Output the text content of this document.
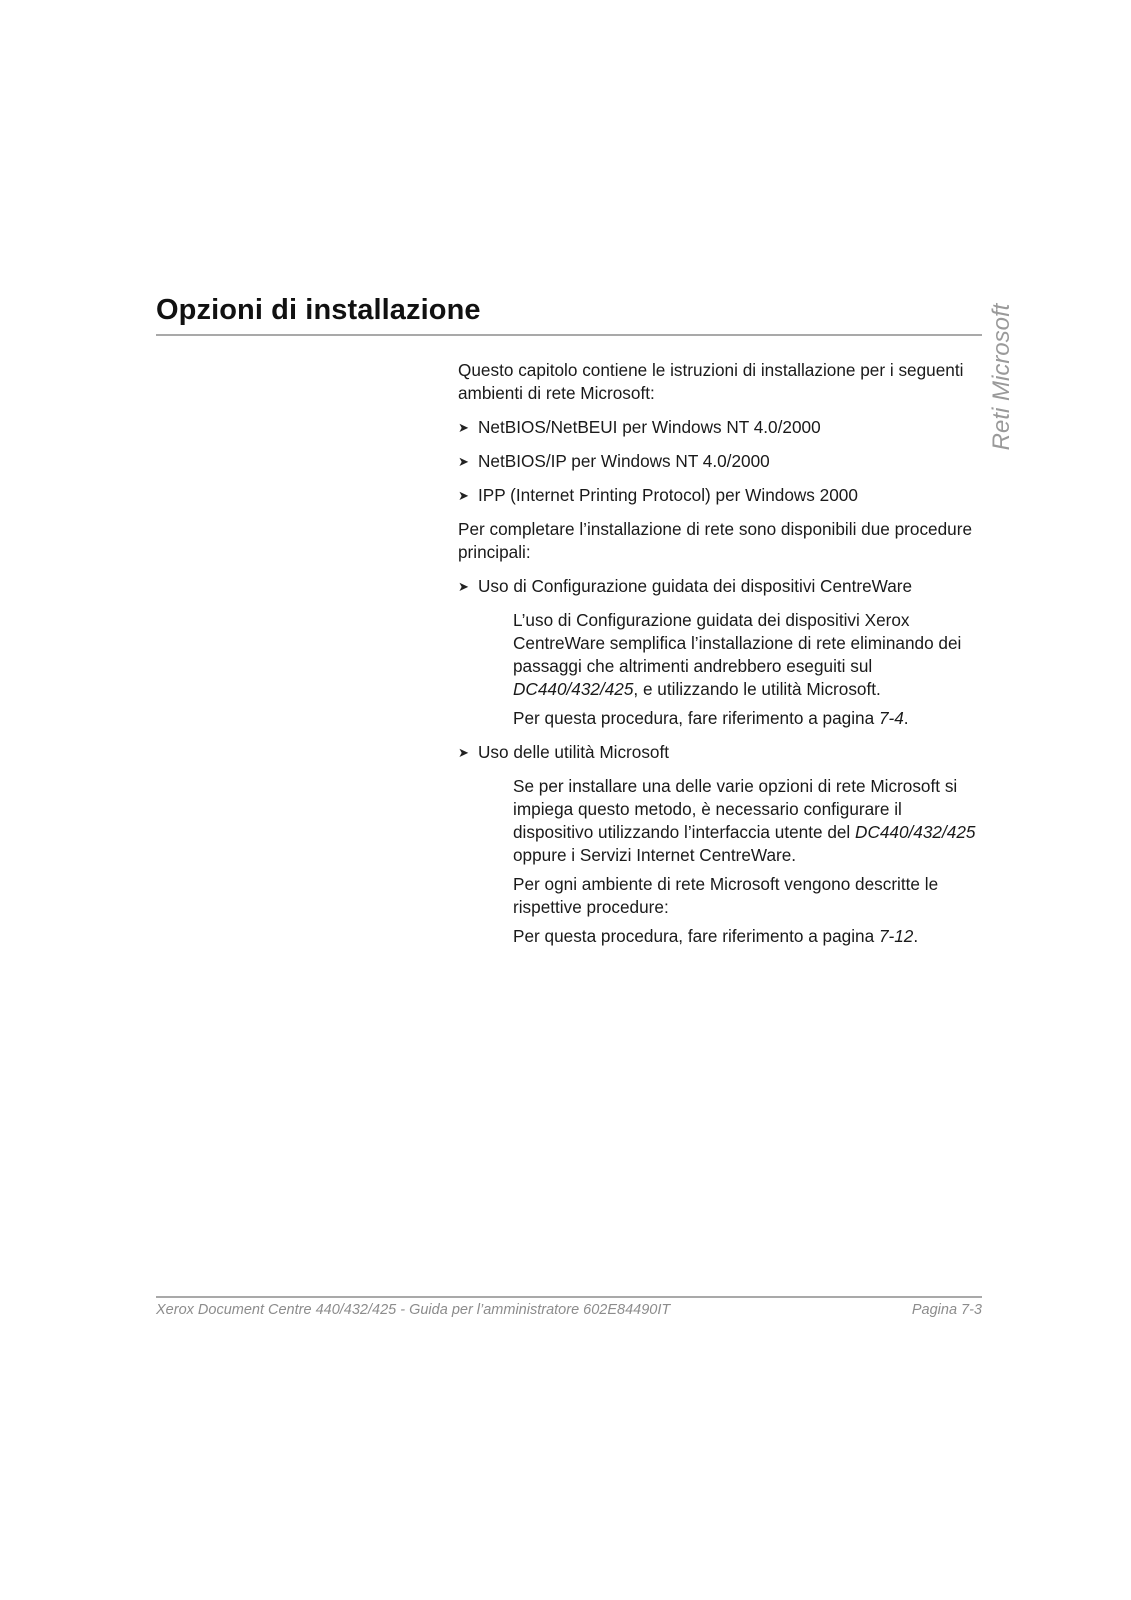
Opzioni di installazione	Reti Microsoft

Questo capitolo contiene le istruzioni di installazione per i seguenti ambienti di rete Microsoft:

➤ NetBIOS/NetBEUI per Windows NT 4.0/2000

➤ NetBIOS/IP per Windows NT 4.0/2000

➤ IPP (Internet Printing Protocol) per Windows 2000

Per completare l’installazione di rete sono disponibili due procedure principali:

➤ Uso di Configurazione guidata dei dispositivi CentreWare

L’uso di Configurazione guidata dei dispositivi Xerox CentreWare semplifica l’installazione di rete eliminando dei passaggi che altrimenti andrebbero eseguiti sul DC440/432/425, e utilizzando le utilità Microsoft.

Per questa procedura, fare riferimento a pagina 7-4.

➤ Uso delle utilità Microsoft

Se per installare una delle varie opzioni di rete Microsoft si impiega questo metodo, è necessario configurare il dispositivo utilizzando l’interfaccia utente del DC440/432/425 oppure i Servizi Internet CentreWare.

Per ogni ambiente di rete Microsoft vengono descritte le rispettive procedure:

Per questa procedura, fare riferimento a pagina 7-12.

Xerox Document Centre 440/432/425 - Guida per l’amministratore 602E84490IT	Pagina 7-3
